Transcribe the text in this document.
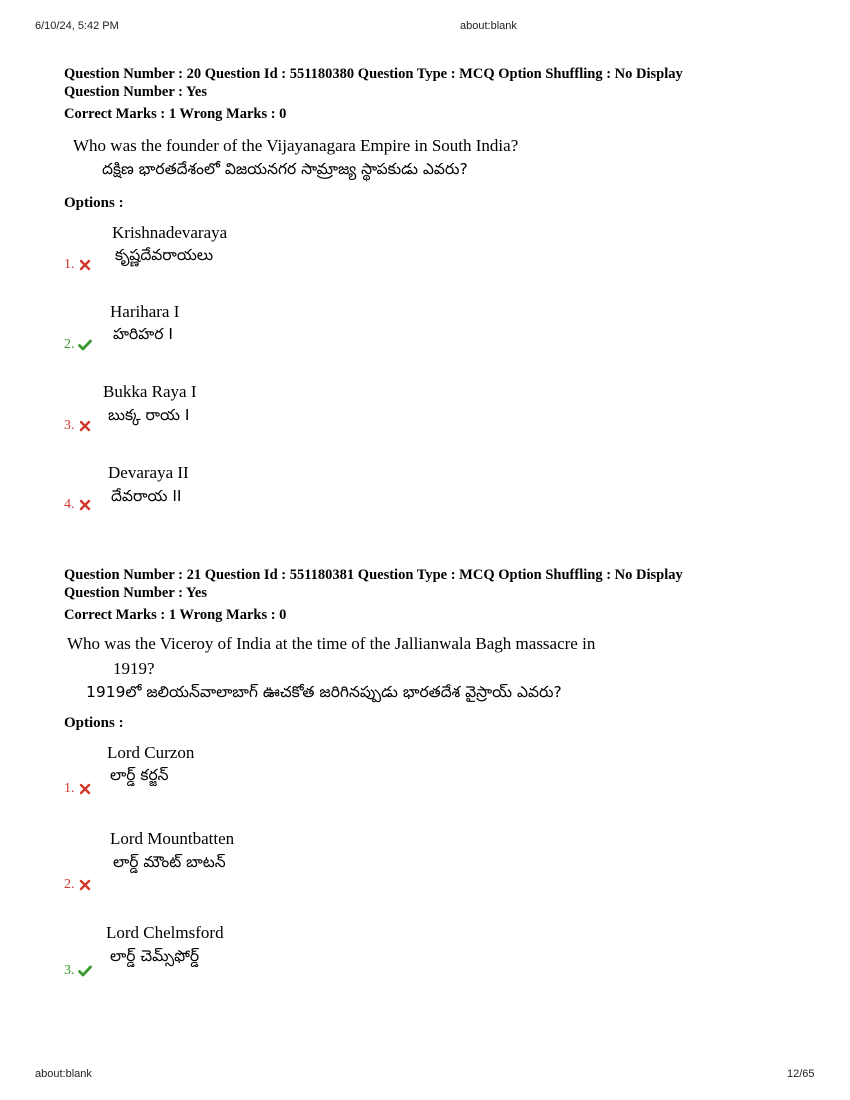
6/10/24, 5:42 PM	about:blank
Question Number : 20 Question Id : 551180380 Question Type : MCQ Option Shuffling : No Display
Question Number : Yes
Correct Marks : 1 Wrong Marks : 0
Who was the founder of the Vijayanagara Empire in South India?
దక్షిణ భారతదేశంలో విజయనగర సామ్రాజ్య స్థాపకుడు ఎవరు?
Options :
Krishnadevaraya
కృష్ణదేవరాయలు
1.
Harihara I
హరిహర I
2.
Bukka Raya I
బుక్క రాయ I
3.
Devaraya II
దేవరాయ II
4.
Question Number : 21 Question Id : 551180381 Question Type : MCQ Option Shuffling : No Display
Question Number : Yes
Correct Marks : 1 Wrong Marks : 0
Who was the Viceroy of India at the time of the Jallianwala Bagh massacre in
1919?
1919లో జలియన్‌వాలాబాగ్ ఊచకోత జరిగినప్పుడు భారతదేశ వైస్రాయ్ ఎవరు?
Options :
Lord Curzon
లార్డ్ కర్జన్
1.
Lord Mountbatten
లార్డ్ మౌంట్ బాటన్
2.
Lord Chelmsford
లార్డ్ చెమ్స్‌ఫోర్డ్
3.
about:blank	12/65
